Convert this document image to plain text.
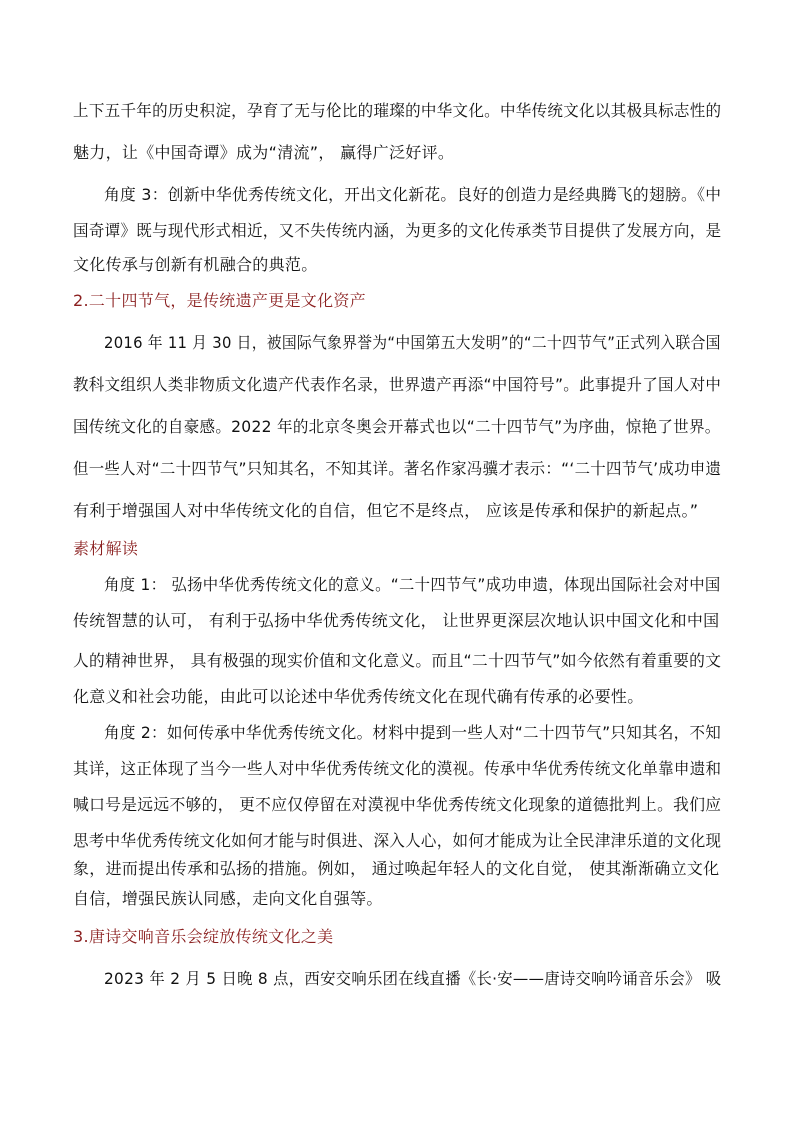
上下五千年的历史积淀，孕育了无与伦比的璀璨的中华文化。中华传统文化以其极具标志性的
魅力，让《中国奇谭》成为“清流”， 赢得广泛好评。
角度 3：创新中华优秀传统文化，开出文化新花。良好的创造力是经典腾飞的翅膀。《中
国奇谭》既与现代形式相近，又不失传统内涵，为更多的文化传承类节目提供了发展方向，是
文化传承与创新有机融合的典范。
2.二十四节气，是传统遗产更是文化资产
2016 年 11 月 30 日，被国际气象界誉为“中国第五大发明”的“二十四节气”正式列入联合国
教科文组织人类非物质文化遗产代表作名录，世界遗产再添“中国符号”。此事提升了国人对中
国传统文化的自豪感。2022 年的北京冬奥会开幕式也以“二十四节气”为序曲，惊艳了世界。
但一些人对“二十四节气”只知其名，不知其详。著名作家冯骥才表示：“‘二十四节气’成功申遗
有利于增强国人对中华传统文化的自信，但它不是终点， 应该是传承和保护的新起点。”
素材解读
角度 1： 弘扬中华优秀传统文化的意义。“二十四节气”成功申遗，体现出国际社会对中国
传统智慧的认可， 有利于弘扬中华优秀传统文化， 让世界更深层次地认识中国文化和中国
人的精神世界， 具有极强的现实价值和文化意义。而且“二十四节气”如今依然有着重要的文
化意义和社会功能，由此可以论述中华优秀传统文化在现代确有传承的必要性。
角度 2：如何传承中华优秀传统文化。材料中提到一些人对“二十四节气”只知其名，不知
其详，这正体现了当今一些人对中华优秀传统文化的漠视。传承中华优秀传统文化单靠申遗和
喊口号是远远不够的， 更不应仅停留在对漠视中华优秀传统文化现象的道德批判上。我们应
思考中华优秀传统文化如何才能与时俱进、深入人心，如何才能成为让全民津津乐道的文化现
象，进而提出传承和弘扬的措施。例如， 通过唤起年轻人的文化自觉， 使其渐渐确立文化
自信，增强民族认同感，走向文化自强等。
3.唐诗交响音乐会绽放传统文化之美
2023 年 2 月 5 日晚 8 点，西安交响乐团在线直播《长·安——唐诗交响吟诵音乐会》 吸
